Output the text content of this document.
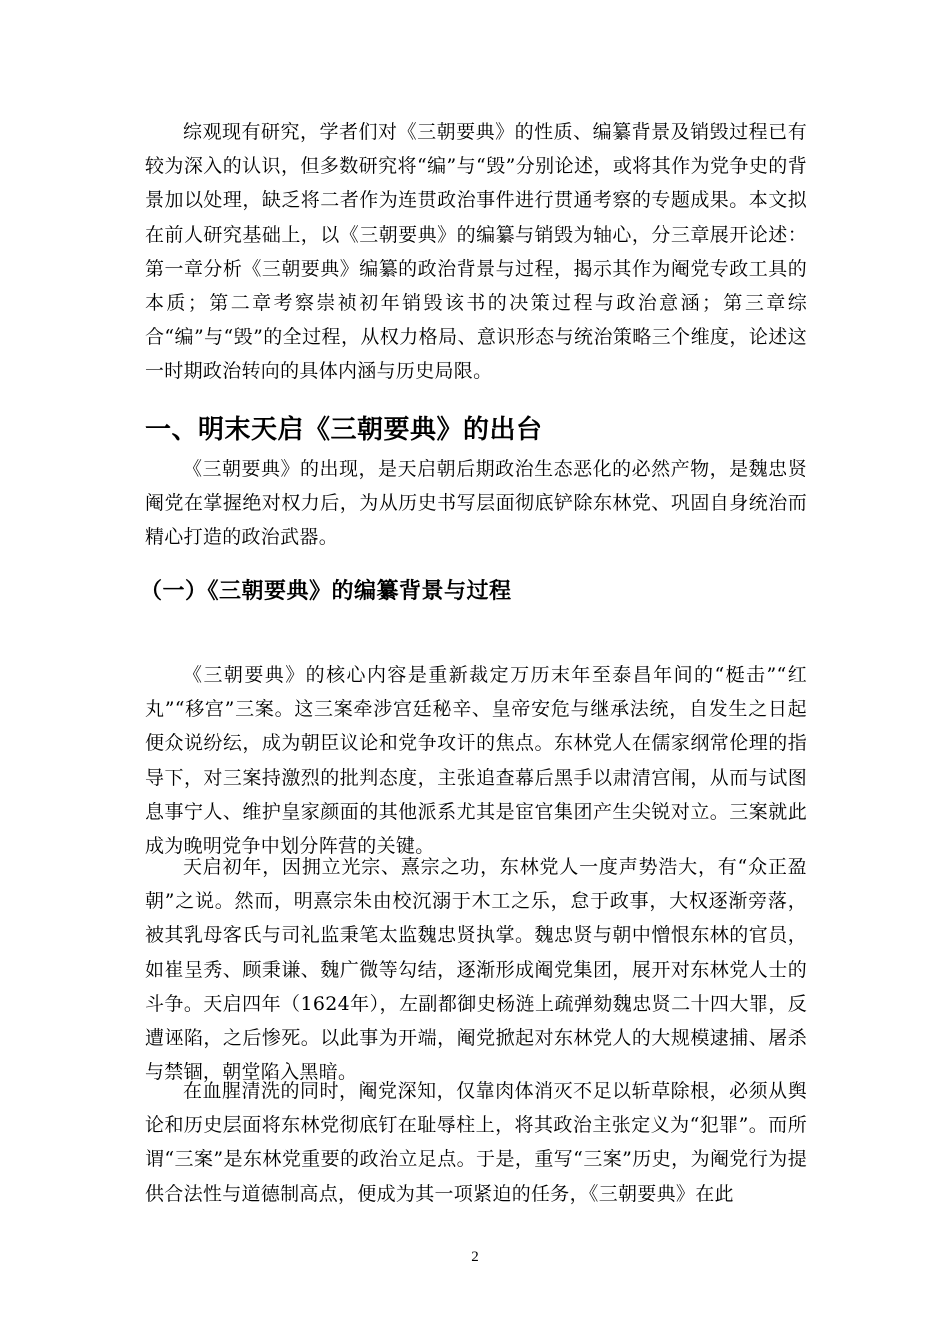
综观现有研究，学者们对《三朝要典》的性质、编纂背景及销毁过程已有较为深入的认识，但多数研究将“编”与“毁”分别论述，或将其作为党争史的背景加以处理，缺乏将二者作为连贯政治事件进行贯通考察的专题成果。本文拟在前人研究基础上，以《三朝要典》的编纂与销毁为轴心，分三章展开论述：第一章分析《三朝要典》编纂的政治背景与过程，揭示其作为阉党专政工具的本质；第二章考察崇祯初年销毁该书的决策过程与政治意涵；第三章综合“编”与“毁”的全过程，从权力格局、意识形态与统治策略三个维度，论述这一时期政治转向的具体内涵与历史局限。

一、明末天启《三朝要典》的出台

《三朝要典》的出现，是天启朝后期政治生态恶化的必然产物，是魏忠贤阉党在掌握绝对权力后，为从历史书写层面彻底铲除东林党、巩固自身统治而精心打造的政治武器。

（一）《三朝要典》的编纂背景与过程

《三朝要典》的核心内容是重新裁定万历末年至泰昌年间的“梃击”“红丸”“移宫”三案。这三案牵涉宫廷秘辛、皇帝安危与继承法统，自发生之日起便众说纷纭，成为朝臣议论和党争攻讦的焦点。东林党人在儒家纲常伦理的指导下，对三案持激烈的批判态度，主张追查幕后黑手以肃清宫闱，从而与试图息事宁人、维护皇家颜面的其他派系尤其是宦官集团产生尖锐对立。三案就此成为晚明党争中划分阵营的关键。

天启初年，因拥立光宗、熹宗之功，东林党人一度声势浩大，有“众正盈朝”之说。然而，明熹宗朱由校沉溺于木工之乐，怠于政事，大权逐渐旁落，被其乳母客氏与司礼监秉笔太监魏忠贤执掌。魏忠贤与朝中憎恨东林的官员，如崔呈秀、顾秉谦、魏广微等勾结，逐渐形成阉党集团，展开对东林党人士的斗争。天启四年（1624年），左副都御史杨涟上疏弹劾魏忠贤二十四大罪，反遭诬陷，之后惨死。以此事为开端，阉党掀起对东林党人的大规模逮捕、屠杀与禁锢，朝堂陷入黑暗。

在血腥清洗的同时，阉党深知，仅靠肉体消灭不足以斩草除根，必须从舆论和历史层面将东林党彻底钉在耻辱柱上，将其政治主张定义为“犯罪”。而所谓“三案”是东林党重要的政治立足点。于是，重写“三案”历史，为阉党行为提供合法性与道德制高点，便成为其一项紧迫的任务，《三朝要典》在此

2
